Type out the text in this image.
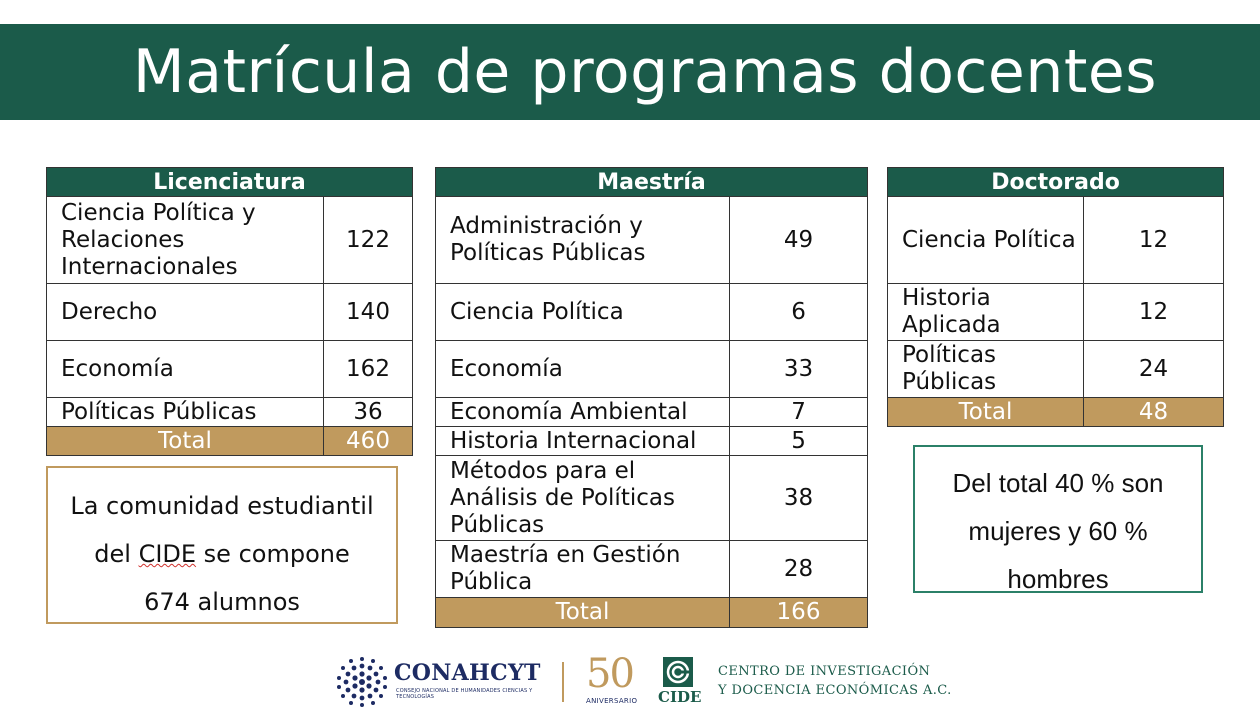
Matrícula de programas docentes
Licenciatura	
Ciencia Política y Relaciones Internacionales	122
Derecho	140
Economía	162
Políticas Públicas	36
Total	460
Maestría	
Administración y Políticas Públicas	49
Ciencia Política	6
Economía	33
Economía Ambiental	7
Historia Internacional	5
Métodos para el Análisis de Políticas Públicas	38
Maestría en Gestión Pública	28
Total	166
Doctorado	
Ciencia Política	12
Historia Aplicada	12
Políticas Públicas	24
Total	48
La comunidad estudiantil
del CIDE se compone
674 alumnos
Del total 40 % son
mujeres y 60 %
hombres
CONAHCYT
CONSEJO NACIONAL DE HUMANIDADES CIENCIAS Y TECNOLOGÍAS	50
ANIVERSARIO CIDE
CENTRO DE INVESTIGACIÓN
Y DOCENCIA ECONÓMICAS A.C.
